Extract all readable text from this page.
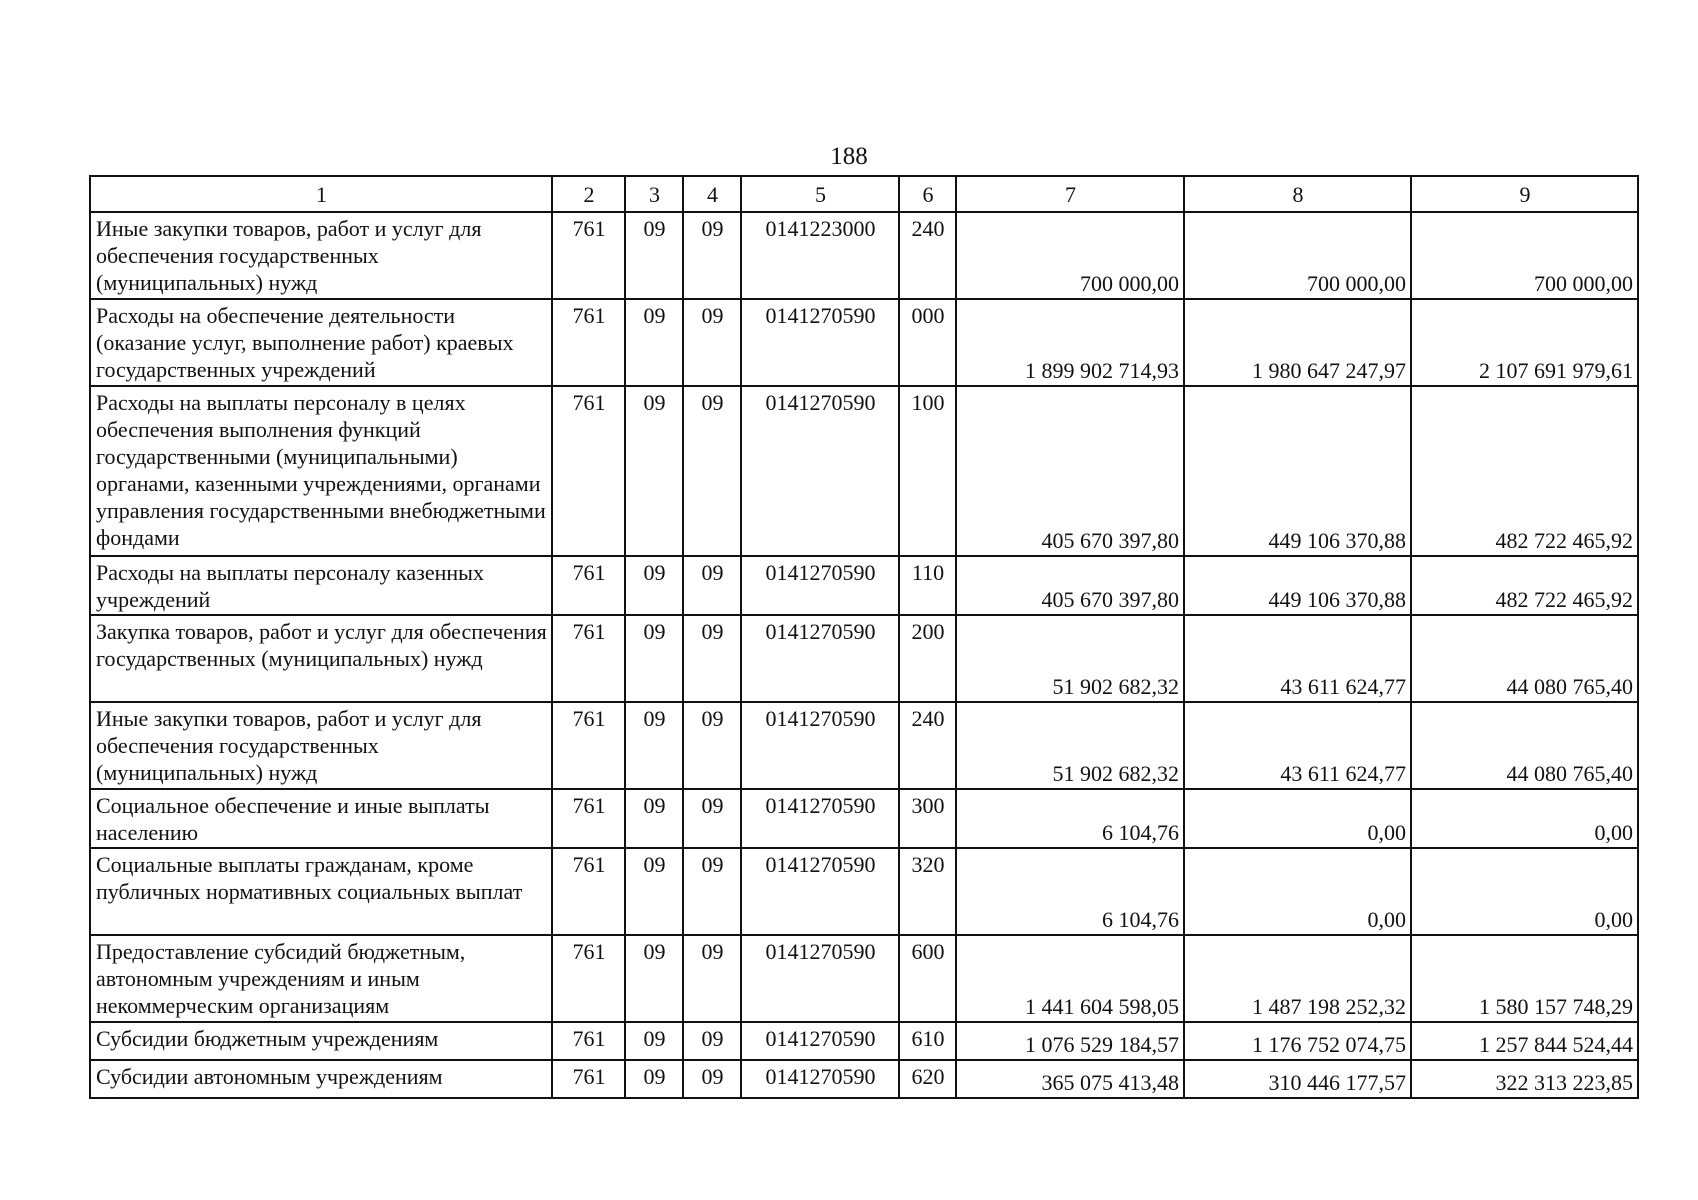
188
1	2	3	4	5	6	7	8	9
Иные закупки товаров, работ и услуг для обеспечения государственных (муниципальных) нужд	761	09	09	0141223000	240	700 000,00	700 000,00	700 000,00
Расходы на обеспечение деятельности (оказание услуг, выполнение работ) краевых государственных учреждений	761	09	09	0141270590	000	1 899 902 714,93	1 980 647 247,97	2 107 691 979,61
Расходы на выплаты персоналу в целях обеспечения выполнения функций государственными (муниципальными) органами, казенными учреждениями, органами управления государственными внебюджетными фондами	761	09	09	0141270590	100	405 670 397,80	449 106 370,88	482 722 465,92
Расходы на выплаты персоналу казенных учреждений	761	09	09	0141270590	110	405 670 397,80	449 106 370,88	482 722 465,92
Закупка товаров, работ и услуг для обеспечения государственных (муниципальных) нужд	761	09	09	0141270590	200	51 902 682,32	43 611 624,77	44 080 765,40
Иные закупки товаров, работ и услуг для обеспечения государственных (муниципальных) нужд	761	09	09	0141270590	240	51 902 682,32	43 611 624,77	44 080 765,40
Социальное обеспечение и иные выплаты населению	761	09	09	0141270590	300	6 104,76	0,00	0,00
Социальные выплаты гражданам, кроме публичных нормативных социальных выплат	761	09	09	0141270590	320	6 104,76	0,00	0,00
Предоставление субсидий бюджетным, автономным учреждениям и иным некоммерческим организациям	761	09	09	0141270590	600	1 441 604 598,05	1 487 198 252,32	1 580 157 748,29
Субсидии бюджетным учреждениям	761	09	09	0141270590	610	1 076 529 184,57	1 176 752 074,75	1 257 844 524,44
Субсидии автономным учреждениям	761	09	09	0141270590	620	365 075 413,48	310 446 177,57	322 313 223,85
